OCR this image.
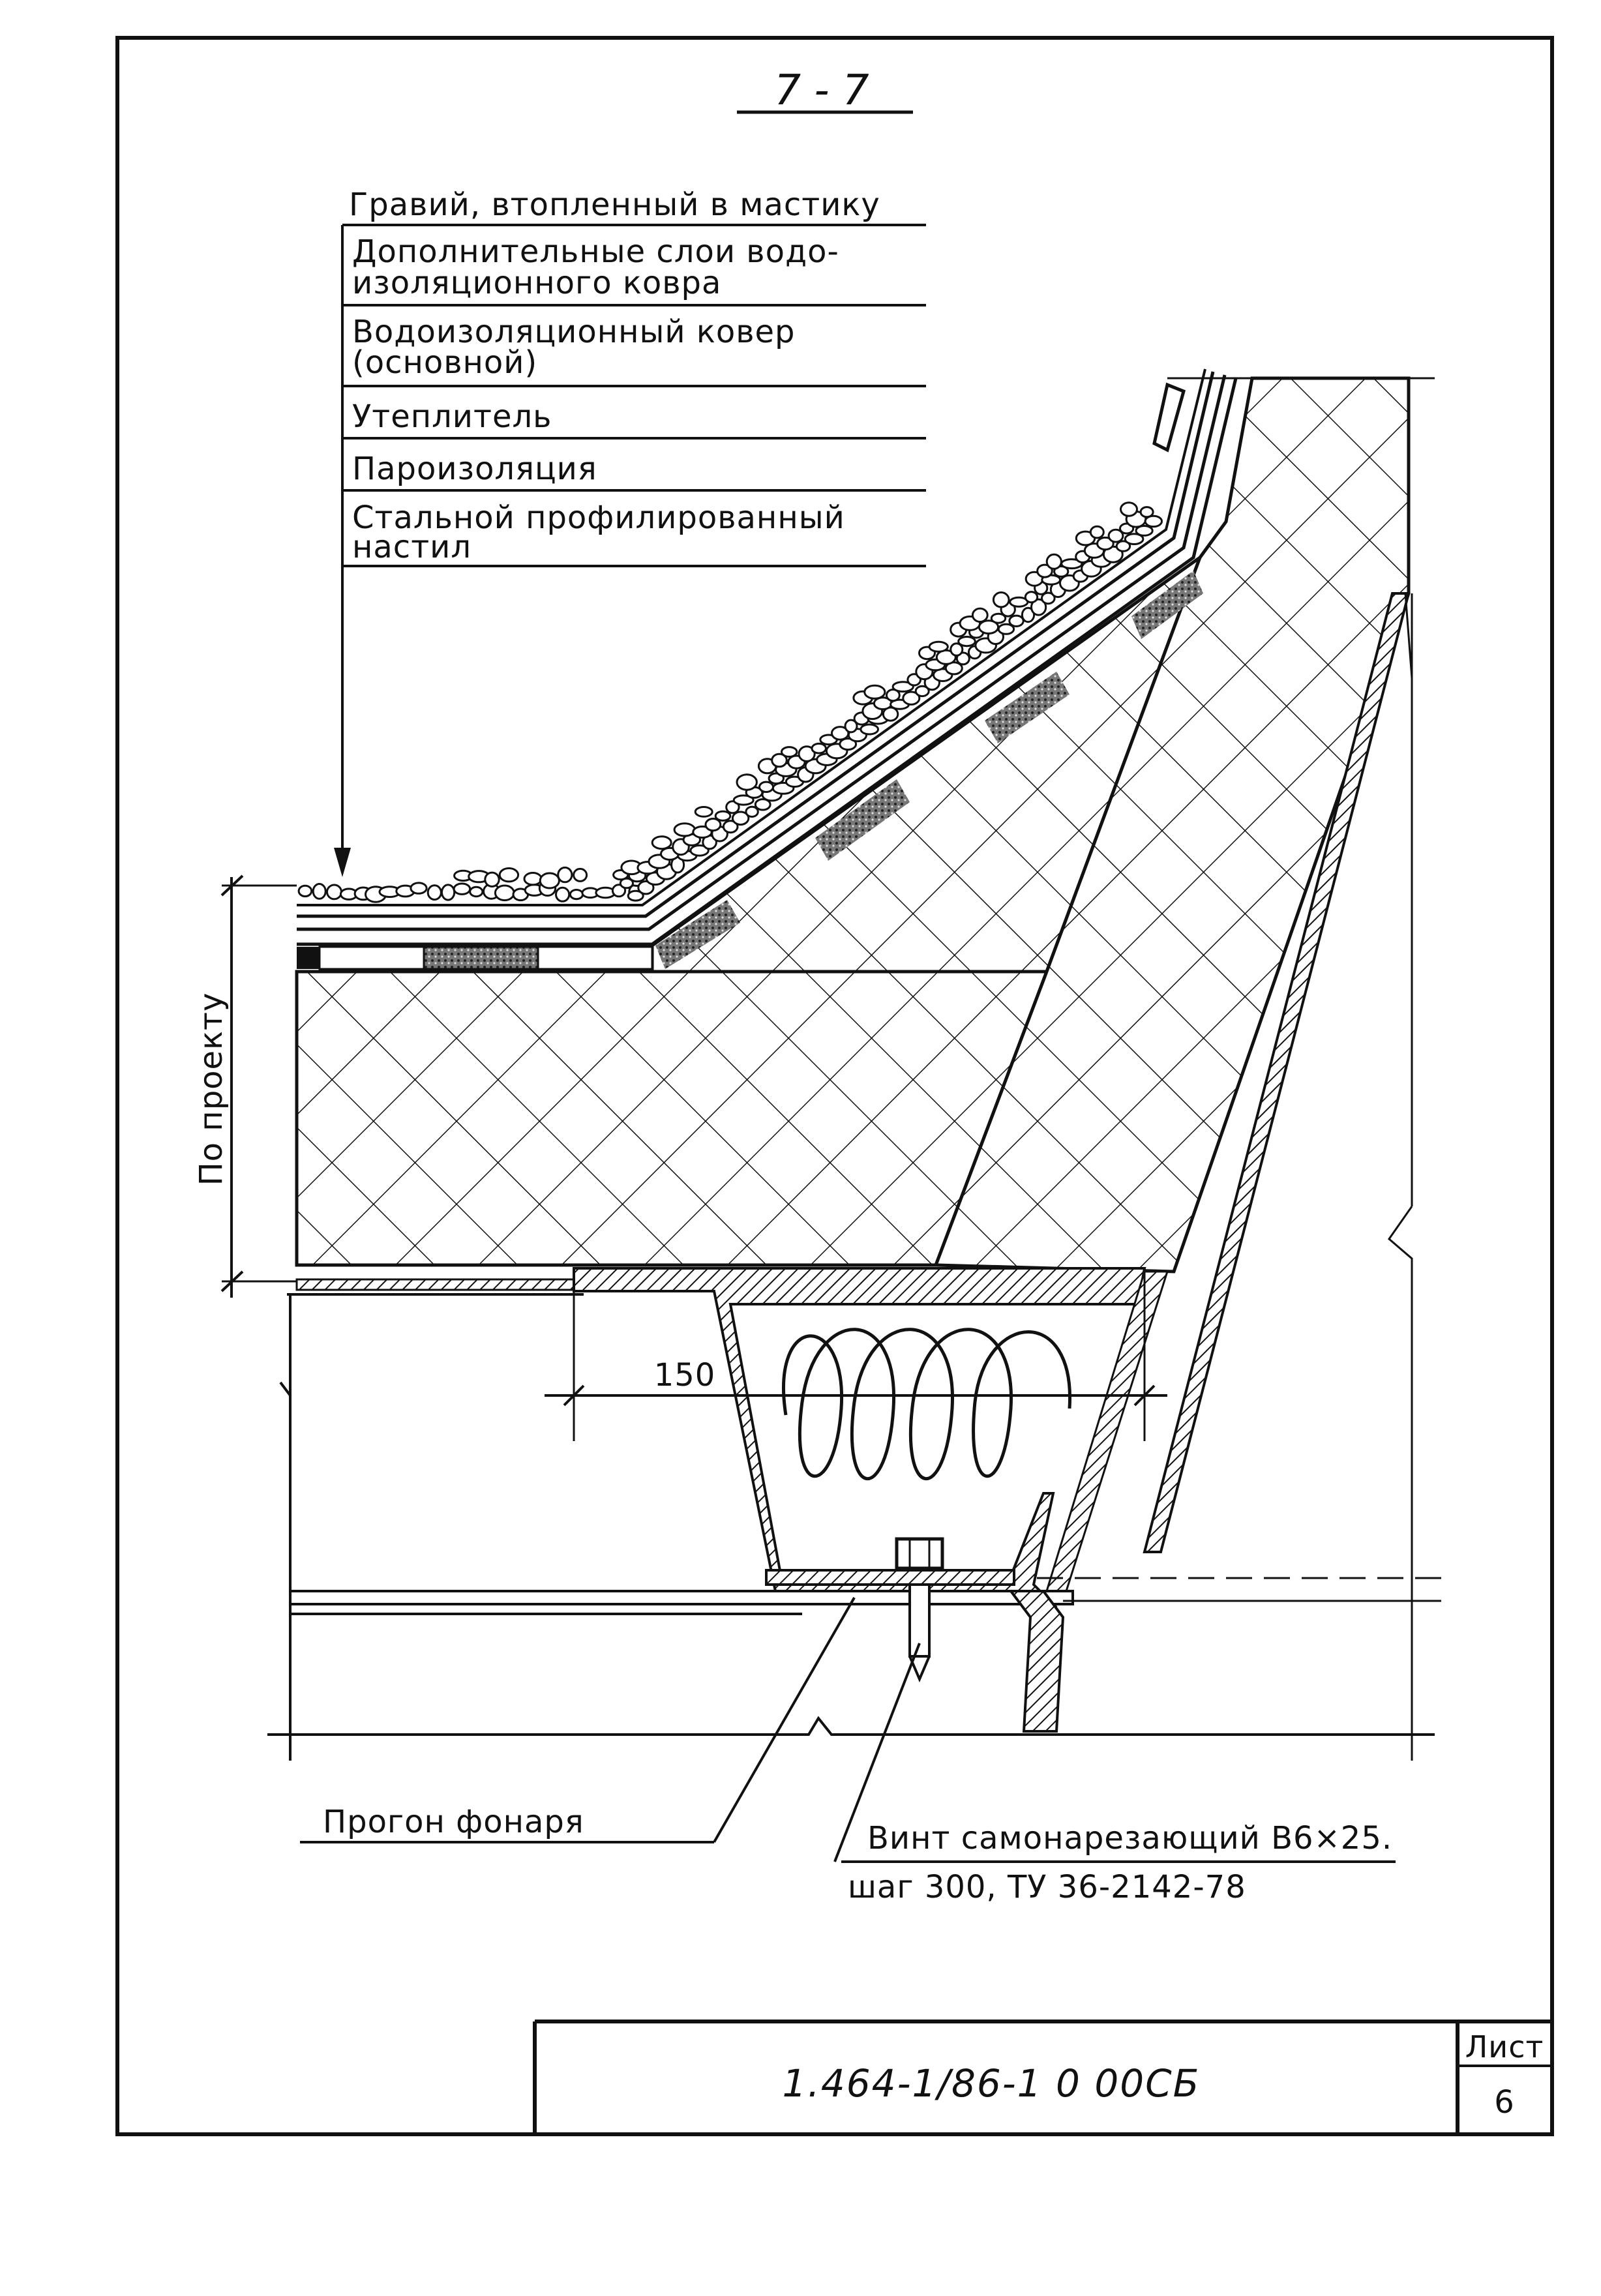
7 - 7
Гравий, втопленный в мастику
Дополнительные слои водо-
изоляционного ковра
Водоизоляционный ковер
(основной)
Утеплитель
Пароизоляция
Стальной профилированный
настил
По проекту
150
Прогон фонаря	Винт самонарезающий В6×25.
шаг 300, ТУ 36-2142-78
1.464-1/86-1 0 00СБ
Лист
6
